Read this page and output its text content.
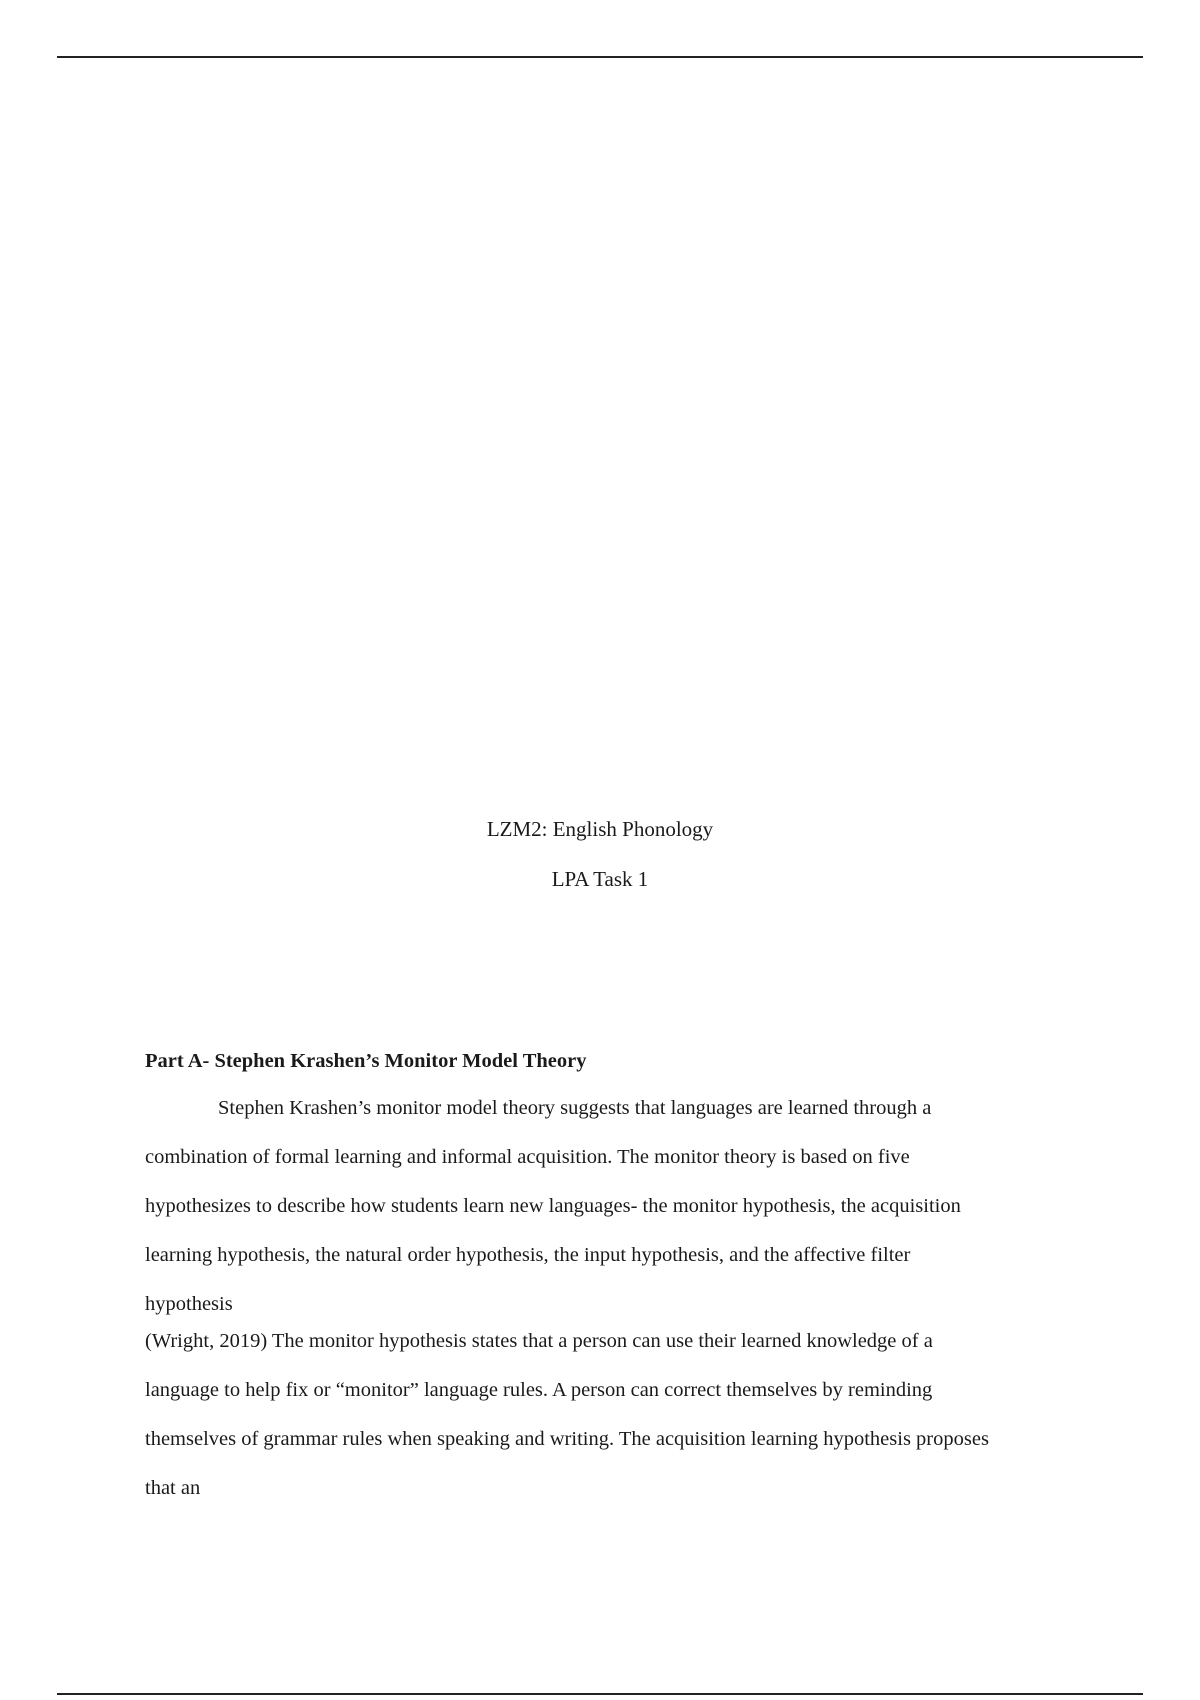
LZM2: English Phonology
LPA Task 1
Part A- Stephen Krashen’s Monitor Model Theory
Stephen Krashen’s monitor model theory suggests that languages are learned through a
combination of formal learning and informal acquisition. The monitor theory is based on five
hypothesizes to describe how students learn new languages- the monitor hypothesis, the acquisition
learning hypothesis, the natural order hypothesis, the input hypothesis, and the affective filter
hypothesis
(Wright, 2019) The monitor hypothesis states that a person can use their learned knowledge of a
language to help fix or “monitor” language rules. A person can correct themselves by reminding
themselves of grammar rules when speaking and writing. The acquisition learning hypothesis proposes
that an
